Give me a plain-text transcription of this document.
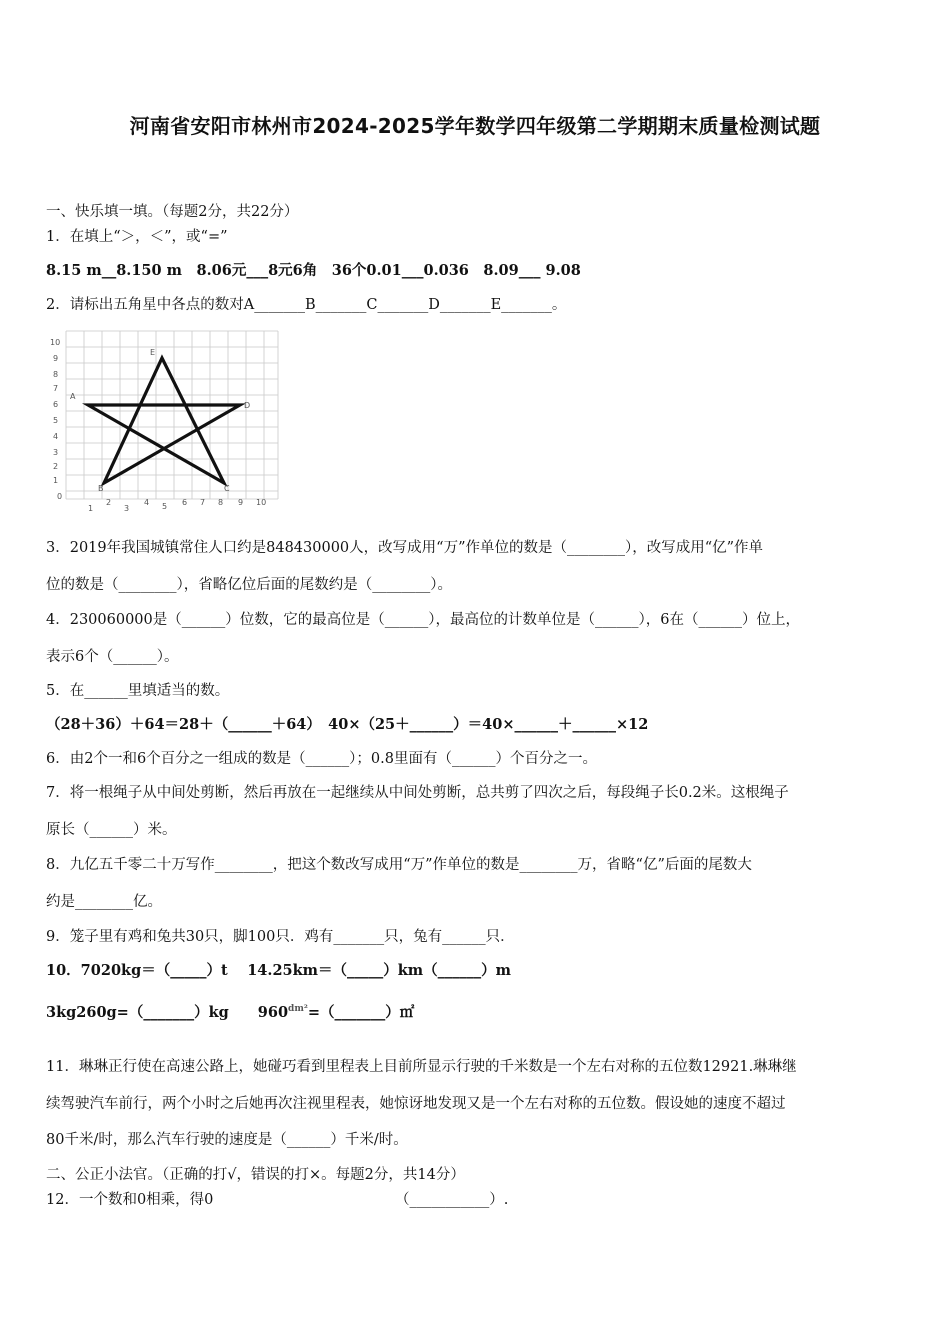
河南省安阳市林州市2024-2025学年数学四年级第二学期期末质量检测试题
一、快乐填一填。（每题2分，共22分）
1．在填上“＞，＜”，或“=”
8.15 m__8.150 m　8.06元___8元6角　36个0.01___0.036　8.09___ 9.08
2．请标出五角星中各点的数对A_______B_______C_______D_______E_______。
10
9
8
7
6
5
4
3
2
1
0
1
2
3
4 5 6 7 8 9 10
A
B	C
D
E
3．2019年我国城镇常住人口约是848430000人，改写成用“万”作单位的数是（________），改写成用“亿”作单
位的数是（________），省略亿位后面的尾数约是（________）。
4．230060000是（______）位数，它的最高位是（______），最高位的计数单位是（______），6在（______）位上，
表示6个（______）。
5．在______里填适当的数。
（28＋36）＋64＝28＋（______＋64）　40×（25＋______）＝40×______＋______×12
6．由2个一和6个百分之一组成的数是（______）；0.8里面有（______）个百分之一。
7．将一根绳子从中间处剪断，然后再放在一起继续从中间处剪断，总共剪了四次之后，每段绳子长0.2米。这根绳子
原长（______）米。
8．九亿五千零二十万写作________，把这个数改写成用“万”作单位的数是________万，省略“亿”后面的尾数大
约是________亿。
9．笼子里有鸡和兔共30只，脚100只．鸡有_______只，兔有______只．
10．7020kg＝（_____）t　 14.25km＝（_____）km（______）m
3kg260g=（_______）kg　　$960^{dm^2}=(\_\_\_\_\_\_\_)㎡$
11．琳琳正行使在高速公路上，她碰巧看到里程表上目前所显示行驶的千米数是一个左右对称的五位数12921.琳琳继
续驾驶汽车前行，两个小时之后她再次注视里程表，她惊讶地发现又是一个左右对称的五位数。假设她的速度不超过
80千米/时，那么汽车行驶的速度是（______）千米/时。
二、公正小法官。（正确的打√，错误的打×。每题2分，共14分）
12．一个数和0相乘，得0	（___________）.
